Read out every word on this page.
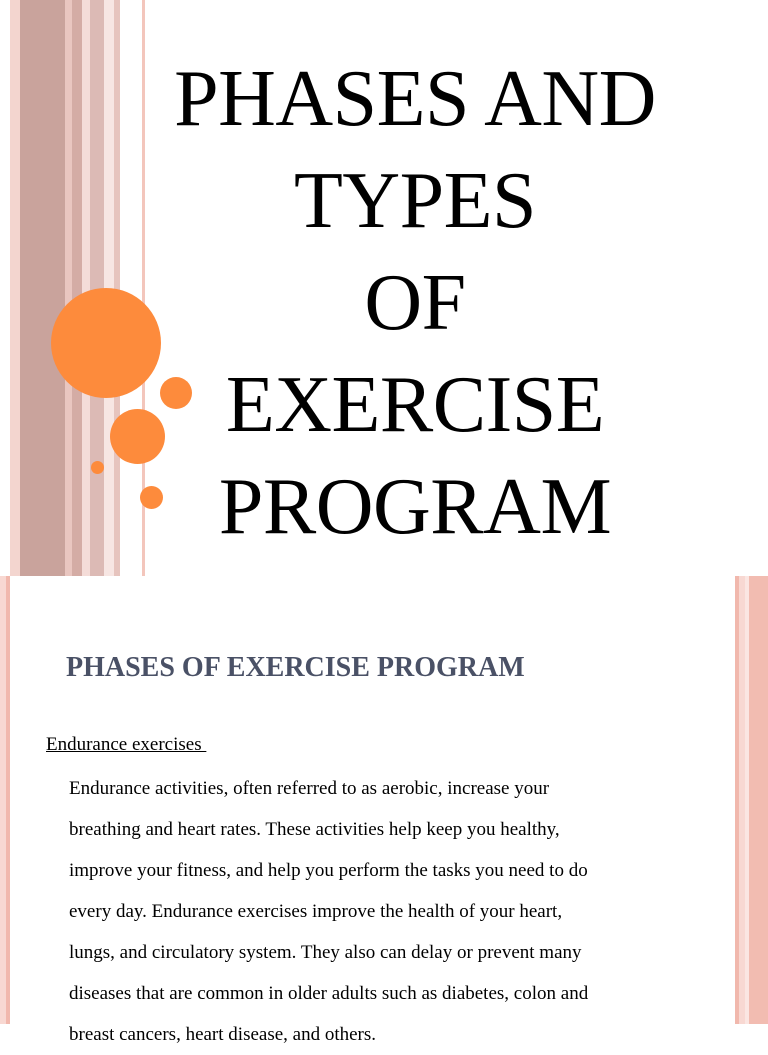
PHASES AND
TYPES
OF
EXERCISE
PROGRAM
PHASES OF EXERCISE PROGRAM

Endurance exercises

Endurance activities, often referred to as aerobic, increase your
breathing and heart rates. These activities help keep you healthy,
improve your fitness, and help you perform the tasks you need to do
every day. Endurance exercises improve the health of your heart,
lungs, and circulatory system. They also can delay or prevent many
diseases that are common in older adults such as diabetes, colon and
breast cancers, heart disease, and others.
